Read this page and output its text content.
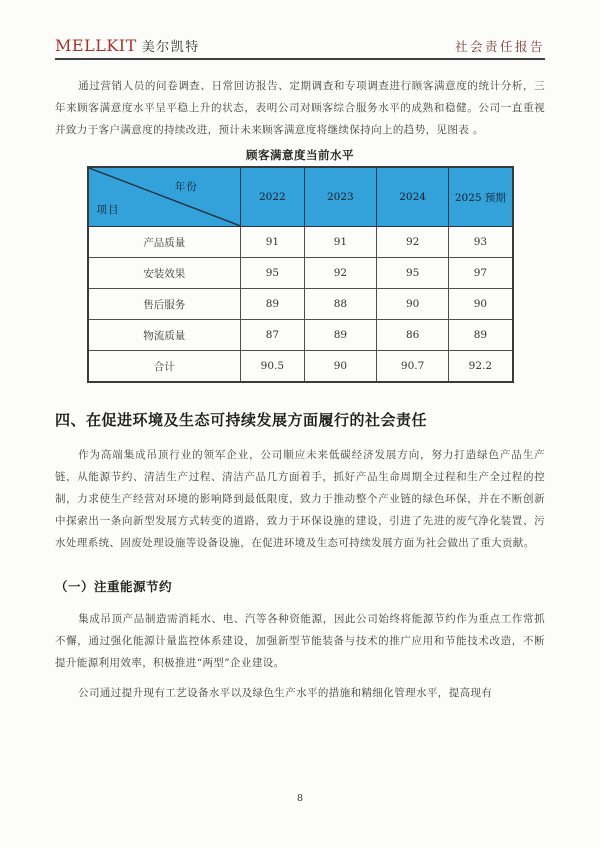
MELLKIT 美尔凯特	社会责任报告

通过营销人员的问卷调查、日常回访报告、定期调查和专项调查进行顾客满意度的统计分析，三年来顾客满意度水平呈平稳上升的状态，表明公司对顾客综合服务水平的成熟和稳健。公司一直重视并致力于客户满意度的持续改进，预计未来顾客满意度将继续保持向上的趋势，见图表 。

顾客满意度当前水平
年份
项目	2022	2023	2024	2025 预期
产品质量	91	91	92	93
安装效果	95	92	95	97
售后服务	89	88	90	90
物流质量	87	89	86	89
合计	90.5	90	90.7	92.2
四、在促进环境及生态可持续发展方面履行的社会责任

作为高端集成吊顶行业的领军企业，公司顺应未来低碳经济发展方向，努力打造绿色产品生产链，从能源节约、清洁生产过程、清洁产品几方面着手，抓好产品生命周期全过程和生产全过程的控制，力求使生产经营对环境的影响降到最低限度，致力于推动整个产业链的绿色环保，并在不断创新中探索出一条向新型发展方式转变的道路，致力于环保设施的建设，引进了先进的废气净化装置、污水处理系统、固废处理设施等设备设施，在促进环境及生态可持续发展方面为社会做出了重大贡献。

（一）注重能源节约

集成吊顶产品制造需消耗水、电、汽等各种资能源，因此公司始终将能源节约作为重点工作常抓不懈，通过强化能源计量监控体系建设，加强新型节能装备与技术的推广应用和节能技术改造，不断提升能源利用效率，积极推进“两型”企业建设。

公司通过提升现有工艺设备水平以及绿色生产水平的措施和精细化管理水平，提高现有

8
